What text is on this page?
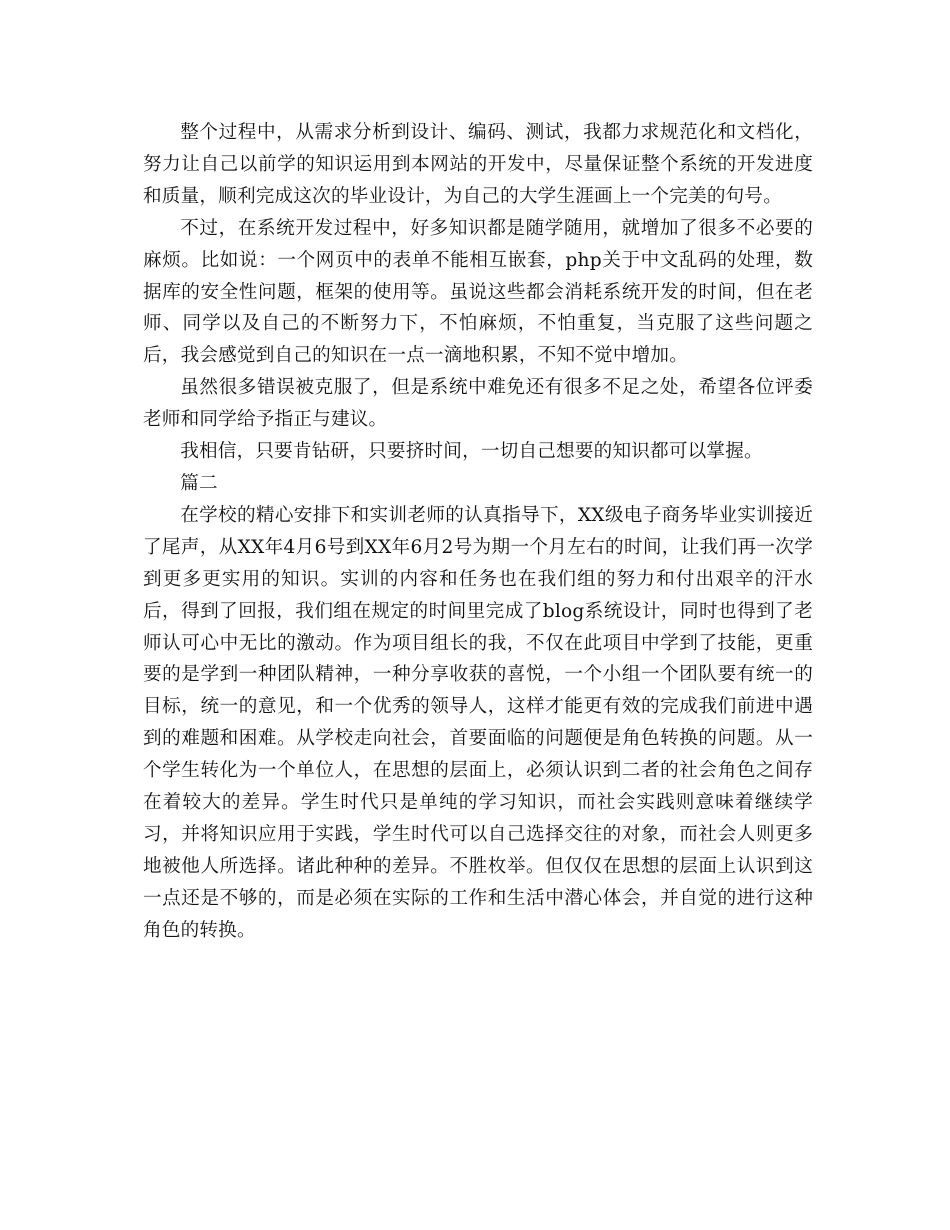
整个过程中，从需求分析到设计、编码、测试，我都力求规范化和文档化，努力让自己以前学的知识运用到本网站的开发中，尽量保证整个系统的开发进度和质量，顺利完成这次的毕业设计，为自己的大学生涯画上一个完美的句号。

不过，在系统开发过程中，好多知识都是随学随用，就增加了很多不必要的麻烦。比如说：一个网页中的表单不能相互嵌套，php关于中文乱码的处理，数据库的安全性问题，框架的使用等。虽说这些都会消耗系统开发的时间，但在老师、同学以及自己的不断努力下，不怕麻烦，不怕重复，当克服了这些问题之后，我会感觉到自己的知识在一点一滴地积累，不知不觉中增加。

虽然很多错误被克服了，但是系统中难免还有很多不足之处，希望各位评委老师和同学给予指正与建议。

我相信，只要肯钻研，只要挤时间，一切自己想要的知识都可以掌握。

篇二

在学校的精心安排下和实训老师的认真指导下，XX级电子商务毕业实训接近了尾声，从XX年4月6号到XX年6月2号为期一个月左右的时间，让我们再一次学到更多更实用的知识。实训的内容和任务也在我们组的努力和付出艰辛的汗水后，得到了回报，我们组在规定的时间里完成了blog系统设计，同时也得到了老师认可心中无比的激动。作为项目组长的我，不仅在此项目中学到了技能，更重要的是学到一种团队精神，一种分享收获的喜悦，一个小组一个团队要有统一的目标，统一的意见，和一个优秀的领导人，这样才能更有效的完成我们前进中遇到的难题和困难。从学校走向社会，首要面临的问题便是角色转换的问题。从一个学生转化为一个单位人，在思想的层面上，必须认识到二者的社会角色之间存在着较大的差异。学生时代只是单纯的学习知识，而社会实践则意味着继续学习，并将知识应用于实践，学生时代可以自己选择交往的对象，而社会人则更多地被他人所选择。诸此种种的差异。不胜枚举。但仅仅在思想的层面上认识到这一点还是不够的，而是必须在实际的工作和生活中潜心体会，并自觉的进行这种角色的转换。
